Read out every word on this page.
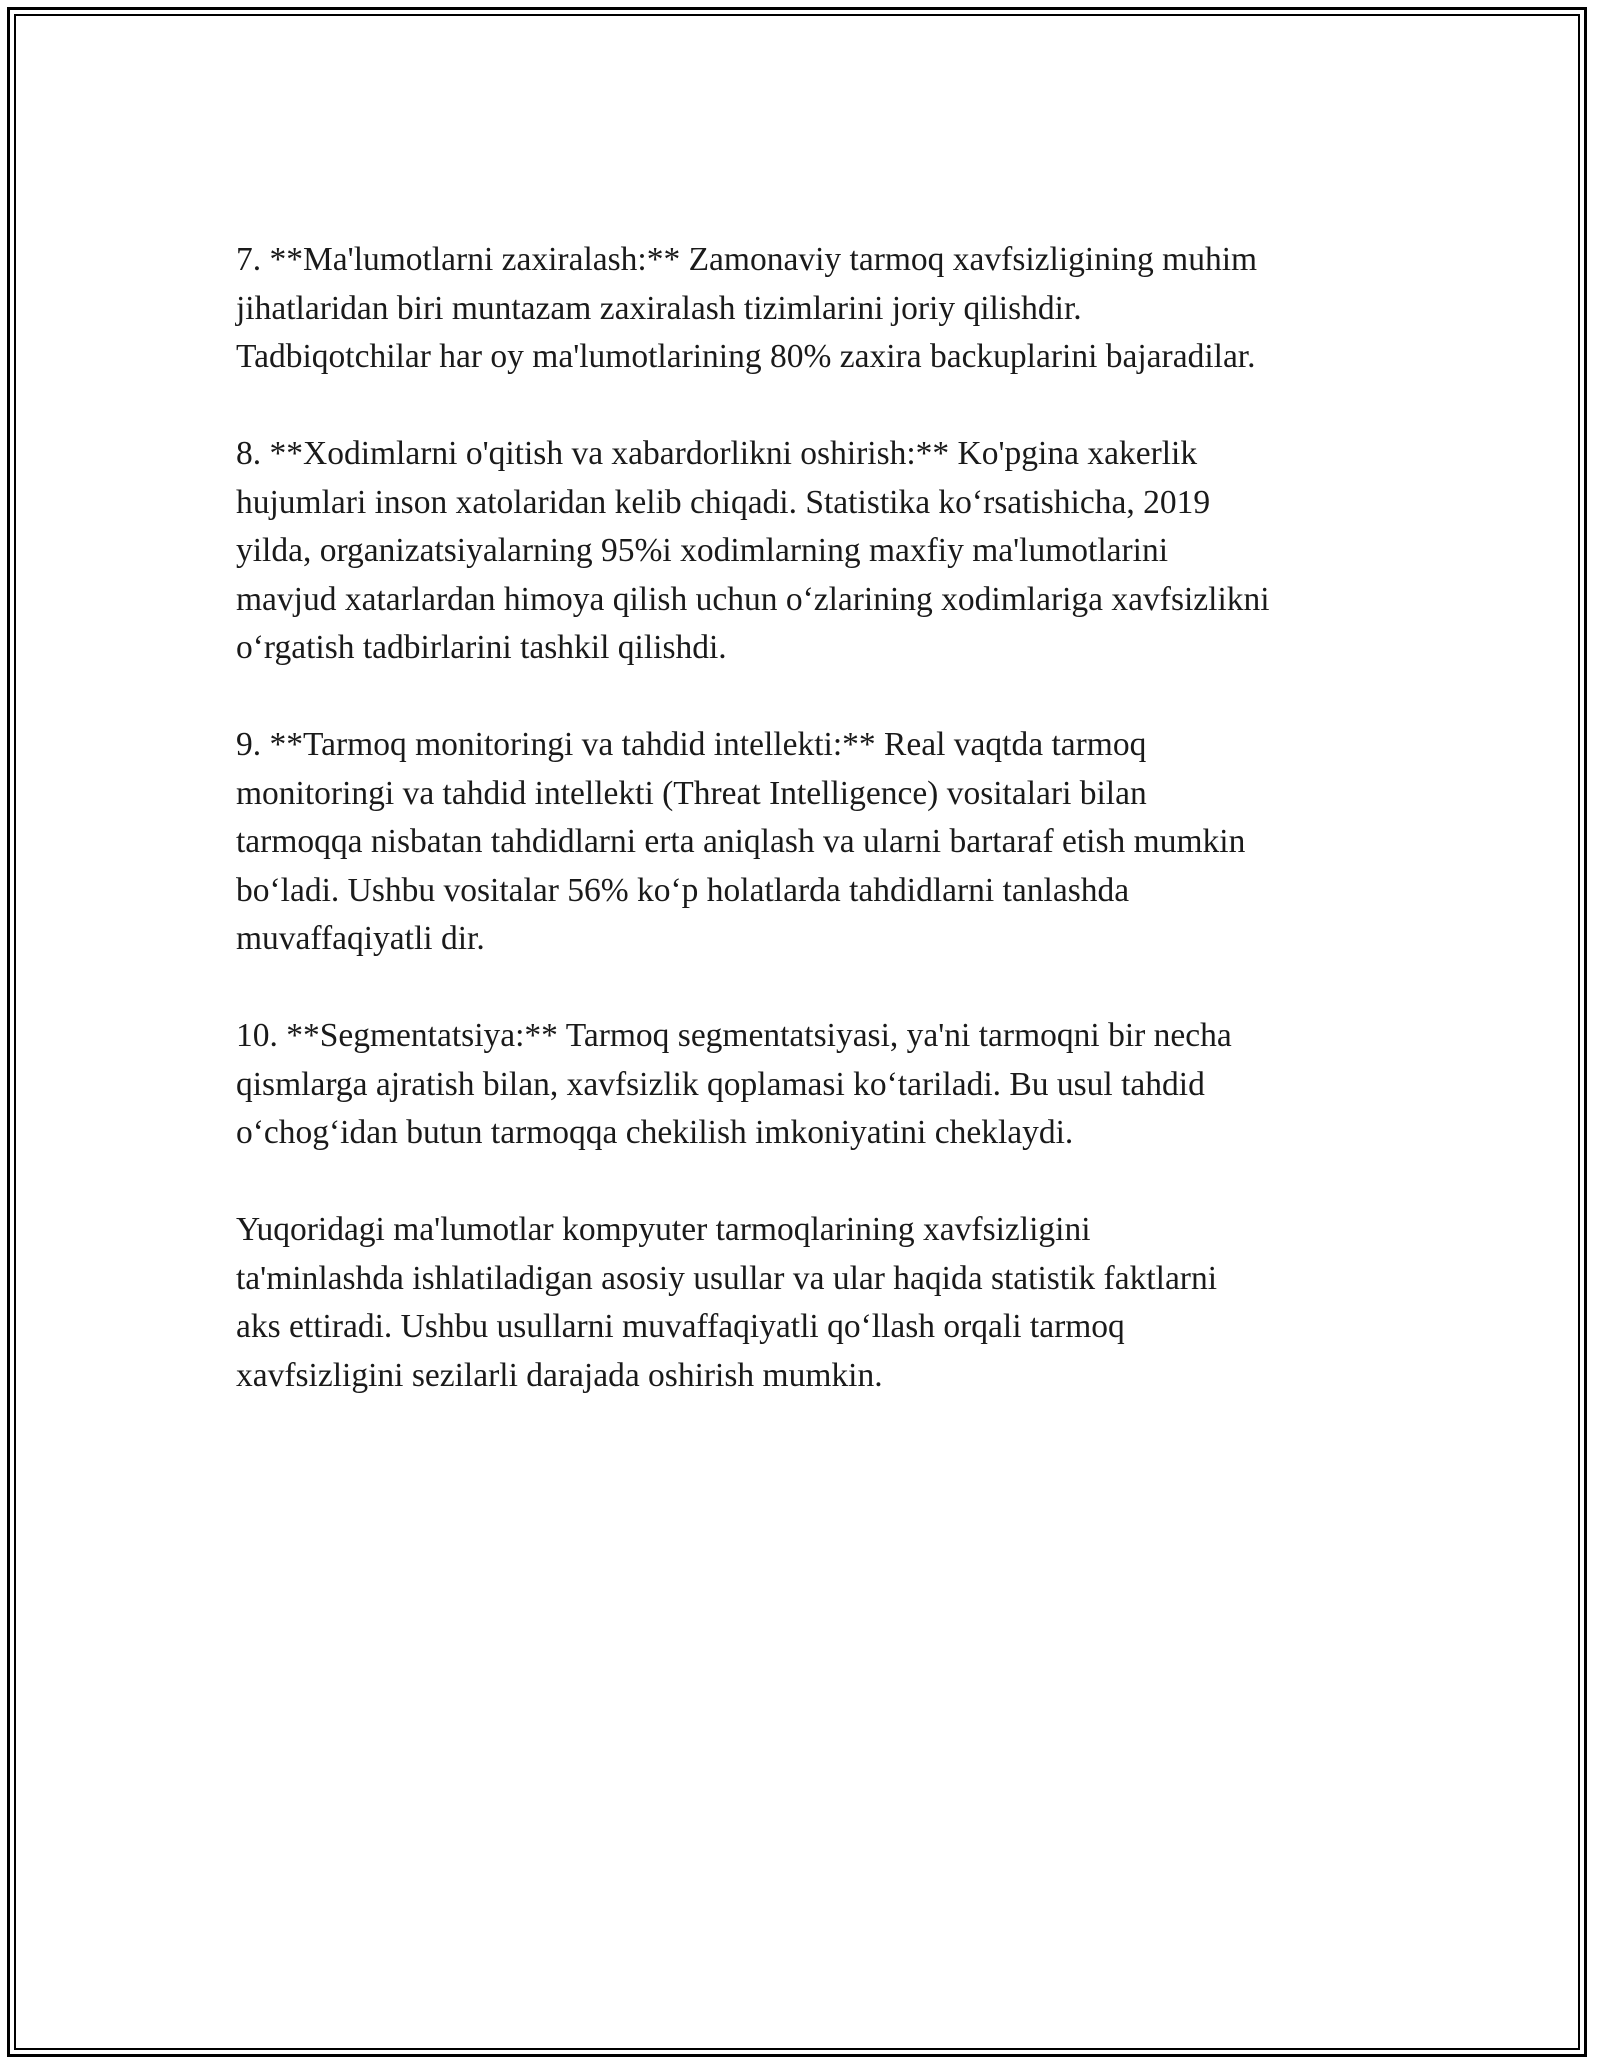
7. **Ma'lumotlarni zaxiralash:** Zamonaviy tarmoq xavfsizligining muhim
jihatlaridan biri muntazam zaxiralash tizimlarini joriy qilishdir.
Tadbiqotchilar har oy ma'lumotlarining 80% zaxira backuplarini bajaradilar.

8. **Xodimlarni o'qitish va xabardorlikni oshirish:** Ko'pgina xakerlik
hujumlari inson xatolaridan kelib chiqadi. Statistika koʻrsatishicha, 2019
yilda, organizatsiyalarning 95%i xodimlarning maxfiy ma'lumotlarini
mavjud xatarlardan himoya qilish uchun oʻzlarining xodimlariga xavfsizlikni
oʻrgatish tadbirlarini tashkil qilishdi.

9. **Tarmoq monitoringi va tahdid intellekti:** Real vaqtda tarmoq
monitoringi va tahdid intellekti (Threat Intelligence) vositalari bilan
tarmoqqa nisbatan tahdidlarni erta aniqlash va ularni bartaraf etish mumkin
boʻladi. Ushbu vositalar 56% koʻp holatlarda tahdidlarni tanlashda
muvaffaqiyatli dir.

10. **Segmentatsiya:** Tarmoq segmentatsiyasi, ya'ni tarmoqni bir necha
qismlarga ajratish bilan, xavfsizlik qoplamasi koʻtariladi. Bu usul tahdid
oʻchogʻidan butun tarmoqqa chekilish imkoniyatini cheklaydi.

Yuqoridagi ma'lumotlar kompyuter tarmoqlarining xavfsizligini
ta'minlashda ishlatiladigan asosiy usullar va ular haqida statistik faktlarni
aks ettiradi. Ushbu usullarni muvaffaqiyatli qoʻllash orqali tarmoq
xavfsizligini sezilarli darajada oshirish mumkin.
